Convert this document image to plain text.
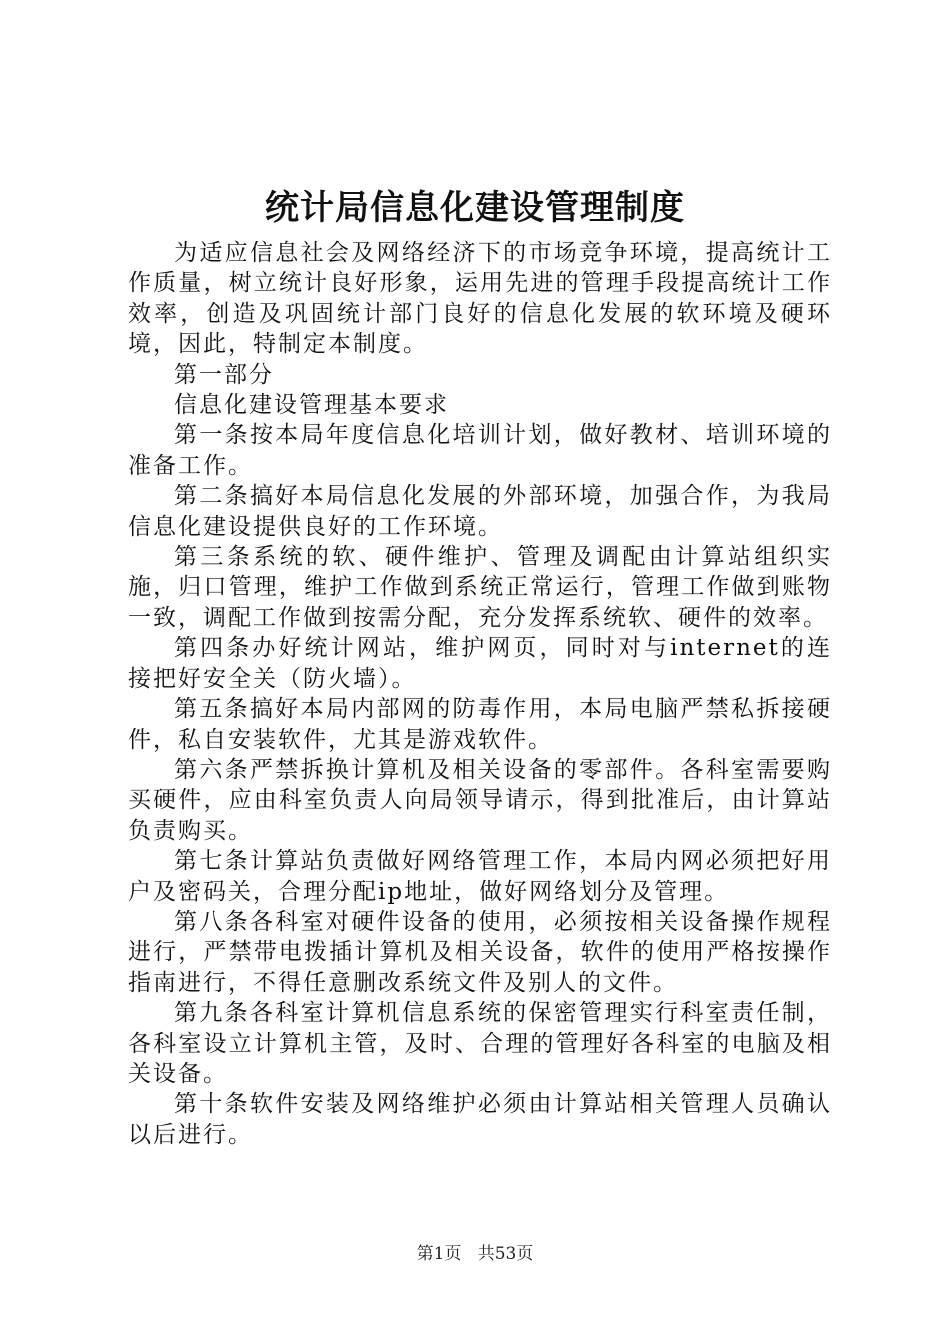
统计局信息化建设管理制度

为适应信息社会及网络经济下的市场竞争环境，提高统计工作质量，树立统计良好形象，运用先进的管理手段提高统计工作效率，创造及巩固统计部门良好的信息化发展的软环境及硬环境，因此，特制定本制度。

第一部分

信息化建设管理基本要求

第一条按本局年度信息化培训计划，做好教材、培训环境的准备工作。

第二条搞好本局信息化发展的外部环境，加强合作，为我局信息化建设提供良好的工作环境。

第三条系统的软、硬件维护、管理及调配由计算站组织实施，归口管理，维护工作做到系统正常运行，管理工作做到账物一致，调配工作做到按需分配，充分发挥系统软、硬件的效率。

第四条办好统计网站，维护网页，同时对与internet的连接把好安全关（防火墙）。

第五条搞好本局内部网的防毒作用，本局电脑严禁私拆接硬件，私自安装软件，尤其是游戏软件。

第六条严禁拆换计算机及相关设备的零部件。各科室需要购买硬件，应由科室负责人向局领导请示，得到批准后，由计算站负责购买。

第七条计算站负责做好网络管理工作，本局内网必须把好用户及密码关，合理分配ip地址，做好网络划分及管理。

第八条各科室对硬件设备的使用，必须按相关设备操作规程进行，严禁带电拨插计算机及相关设备，软件的使用严格按操作指南进行，不得任意删改系统文件及别人的文件。

第九条各科室计算机信息系统的保密管理实行科室责任制，各科室设立计算机主管，及时、合理的管理好各科室的电脑及相关设备。

第十条软件安装及网络维护必须由计算站相关管理人员确认以后进行。

第1页 共53页
